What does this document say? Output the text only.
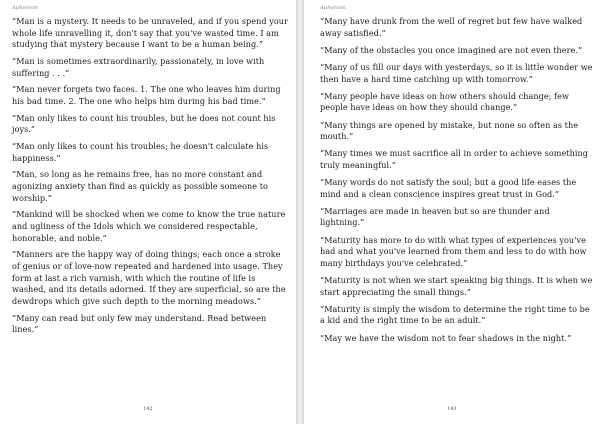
Aphorism
“Man is a mystery. It needs to be unraveled, and if you spend your whole life unravelling it, don't say that you've wasted time. I am studying that mystery because I want to be a human being.”
“Man is sometimes extraordinarily, passionately, in love with suffering . . .”
“Man never forgets two faces. 1. The one who leaves him during his bad time. 2. The one who helps him during his bad time.”
“Man only likes to count his troubles, but he does not count his joys.”
“Man only likes to count his troubles; he doesn't calculate his happiness.”
“Man, so long as he remains free, has no more constant and agonizing anxiety than find as quickly as possible someone to worship.”
“Mankind will be shocked when we come to know the true nature and ugliness of the Idols which we considered respectable, honorable, and noble.”
“Manners are the happy way of doing things; each once a stroke of genius or of love-now repeated and hardened into usage. They form at last a rich varnish, with which the routine of life is washed, and its details adorned. If they are superficial, so are the dewdrops which give such depth to the morning meadows.”
“Many can read but only few may understand. Read between lines.”
142
Aphorism
“Many have drunk from the well of regret but few have walked away satisfied.”
“Many of the obstacles you once imagined are not even there.”
“Many of us fill our days with yesterdays, so it is little wonder we then have a hard time catching up with tomorrow.”
“Many people have ideas on how others should change; few people have ideas on how they should change.”
“Many things are opened by mistake, but none so often as the mouth.”
“Many times we must sacrifice all in order to achieve something truly meaningful.”
“Many words do not satisfy the soul; but a good life eases the mind and a clean conscience inspires great trust in God.”
“Marriages are made in heaven but so are thunder and lightning.”
“Maturity has more to do with what types of experiences you've had and what you've learned from them and less to do with how many birthdays you've celebrated.”
“Maturity is not when we start speaking big things. It is when we start appreciating the small things.”
“Maturity is simply the wisdom to determine the right time to be a kid and the right time to be an adult.”
“May we have the wisdom not to fear shadows in the night.”
143
